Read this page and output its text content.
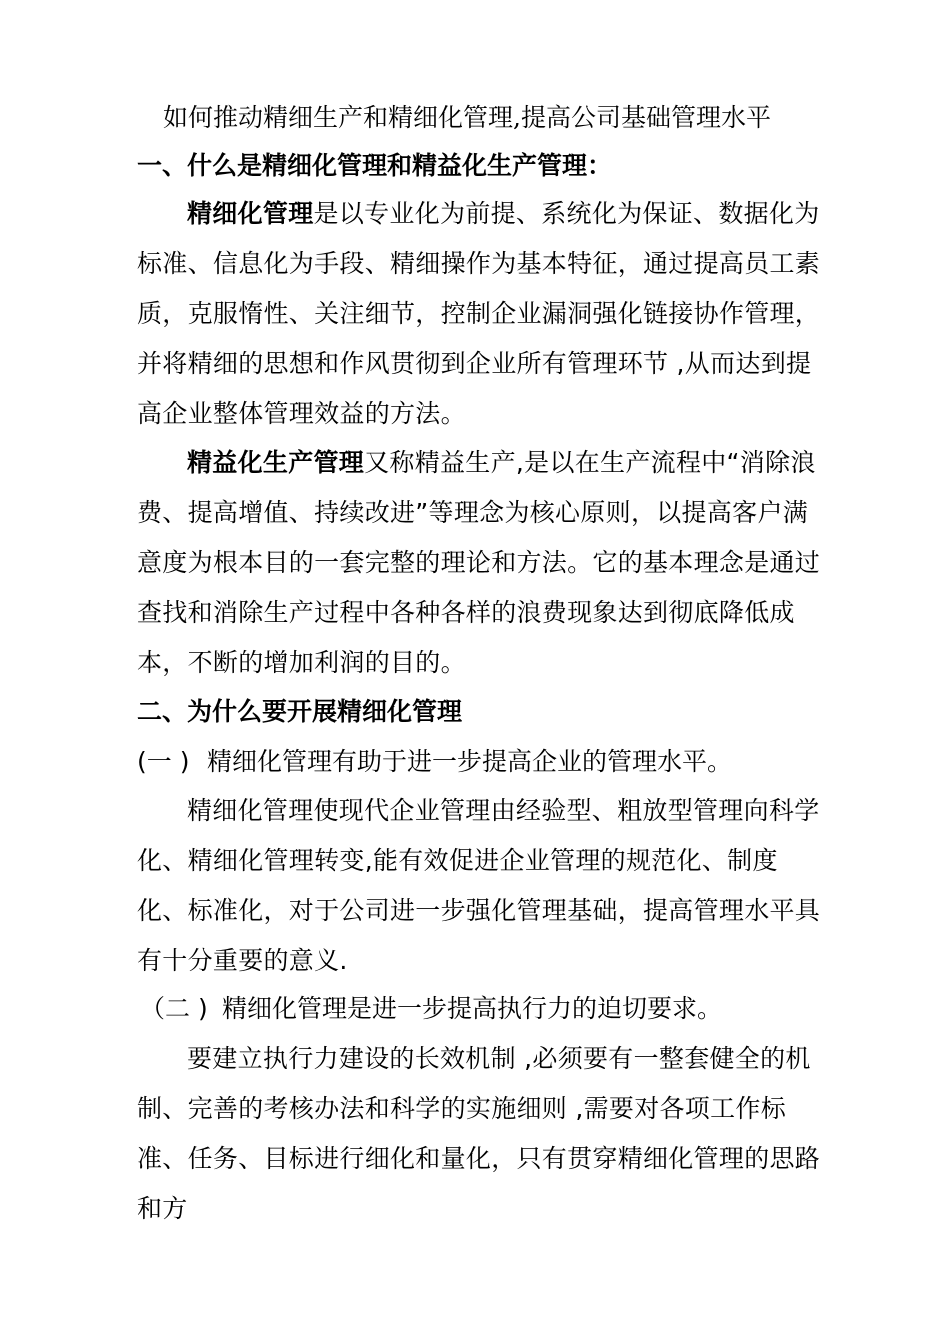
如何推动精细生产和精细化管理,提高公司基础管理水平
一、什么是精细化管理和精益化生产管理：
精细化管理是以专业化为前提、系统化为保证、数据化为标准、信息化为手段、精细操作为基本特征，通过提高员工素质，克服惰性、关注细节，控制企业漏洞强化链接协作管理，并将精细的思想和作风贯彻到企业所有管理环节 ,从而达到提高企业整体管理效益的方法。
精益化生产管理又称精益生产,是以在生产流程中“消除浪费、提高增值、持续改进”等理念为核心原则，以提高客户满意度为根本目的一套完整的理论和方法。它的基本理念是通过查找和消除生产过程中各种各样的浪费现象达到彻底降低成本，不断的增加利润的目的。
二、为什么要开展精细化管理
(一 ) 精细化管理有助于进一步提高企业的管理水平。
精细化管理使现代企业管理由经验型、粗放型管理向科学化、精细化管理转变,能有效促进企业管理的规范化、制度化、标准化，对于公司进一步强化管理基础，提高管理水平具有十分重要的意义.
（二 ) 精细化管理是进一步提高执行力的迫切要求。
要建立执行力建设的长效机制 ,必须要有一整套健全的机制、完善的考核办法和科学的实施细则 ,需要对各项工作标准、任务、目标进行细化和量化，只有贯穿精细化管理的思路和方
